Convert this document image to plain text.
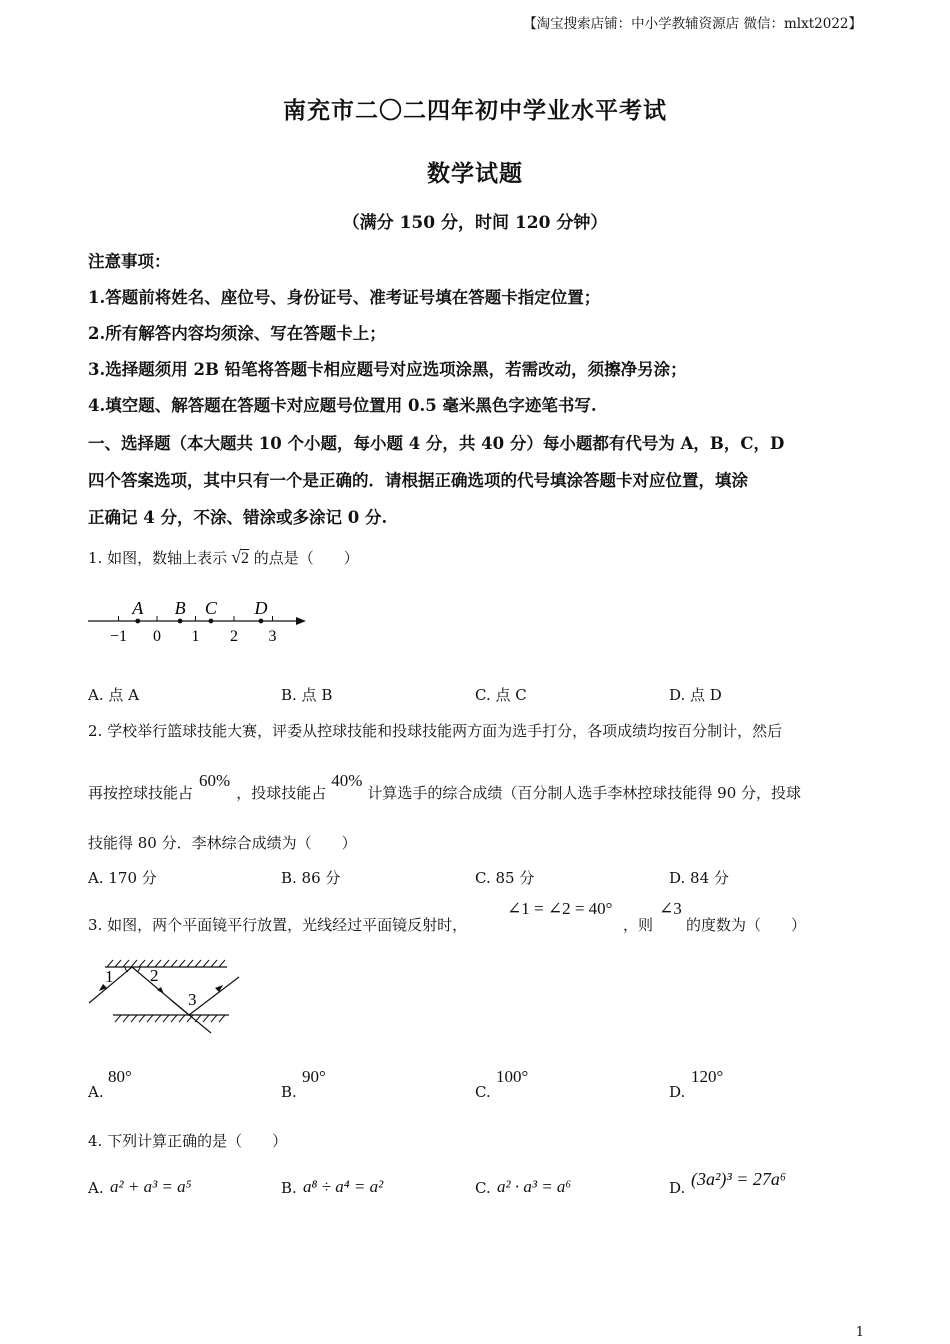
【淘宝搜索店铺：中小学教辅资源店 微信：mlxt2022】
南充市二〇二四年初中学业水平考试
数学试题
（满分 150 分，时间 120 分钟）
注意事项：
1.答题前将姓名、座位号、身份证号、准考证号填在答题卡指定位置；
2.所有解答内容均须涂、写在答题卡上；
3.选择题须用 2B 铅笔将答题卡相应题号对应选项涂黑，若需改动，须擦净另涂；
4.填空题、解答题在答题卡对应题号位置用 0.5 毫米黑色字迹笔书写.
一、选择题（本大题共 10 个小题，每小题 4 分，共 40 分）每小题都有代号为 A，B，C，D
四个答案选项，其中只有一个是正确的．请根据正确选项的代号填涂答题卡对应位置，填涂
正确记 4 分，不涂、错涂或多涂记 0 分.
1. 如图，数轴上表示 √2 的点是（　　）
−1 0 1 2 3
A B C D
A. 点 A	B. 点 B	C. 点 C	D. 点 D
2. 学校举行篮球技能大赛，评委从控球技能和投球技能两方面为选手打分，各项成绩均按百分制计，然后
再按控球技能占60%，投球技能占40%计算选手的综合成绩（百分制人选手李林控球技能得 90 分，投球
技能得 80 分．李林综合成绩为（　　）
A. 170 分	B. 86 分	C. 85 分	D. 84 分
3. 如图，两个平面镜平行放置，光线经过平面镜反射时，
∠1 = ∠2 = 40°
，则
∠3
的度数为（　　）
1 2
3
A.
80°
B.
90°
C.
100°
D.
120°
4. 下列计算正确的是（　　）
A. a² + a³ = a⁵	B. a⁸ ÷ a⁴ = a²	C. a² · a³ = a⁶	D. (3a²)³ = 27a⁶
1
